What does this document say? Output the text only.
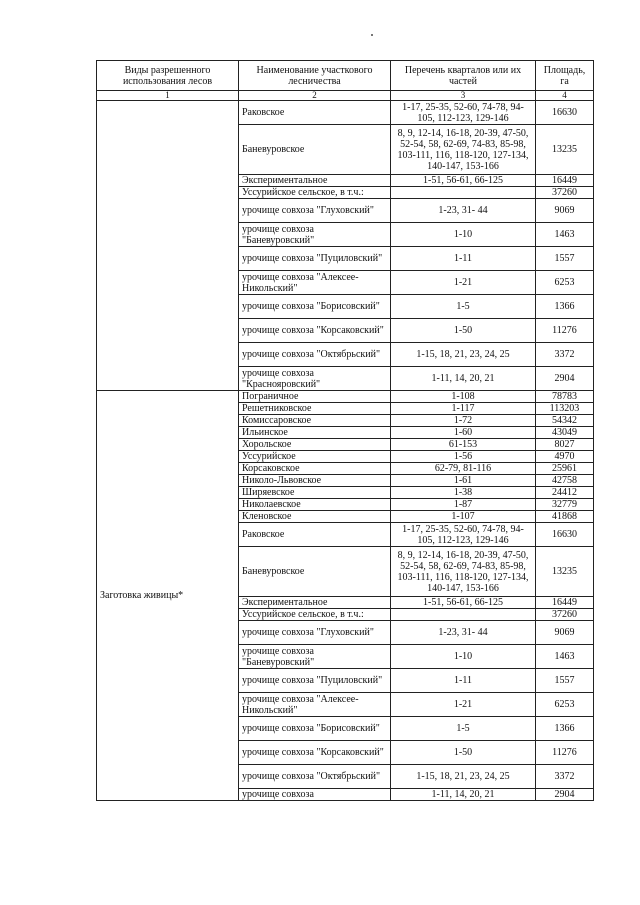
Виды разрешенного использования лесов	Наименование участкового лесничества	Перечень кварталов или их частей	Площадь, га
1	2	3	4
	Раковское	1-17, 25-35, 52-60, 74-78, 94-105, 112-123, 129-146	16630
	Баневуровское	8, 9, 12-14, 16-18, 20-39, 47-50, 52-54, 58, 62-69, 74-83, 85-98, 103-111, 116, 118-120, 127-134, 140-147, 153-166	13235
	Экспериментальное	1-51, 56-61, 66-125	16449
	Уссурийское сельское, в т.ч.:		37260
	урочище совхоза "Глуховский"	1-23, 31- 44	9069
	урочище совхоза "Баневуровский"	1-10	1463
	урочище совхоза "Пуциловский"	1-11	1557
	урочище совхоза "Алексее-Никольский"	1-21	6253
	урочище совхоза "Борисовский"	1-5	1366
	урочище совхоза "Корсаковский"	1-50	11276
	урочище совхоза "Октябрьский"	1-15, 18, 21, 23, 24, 25	3372
	урочище совхоза "Краснояровский"	1-11, 14, 20, 21	2904

Заготовка живицы*	Пограничное	1-108	78783
	Решетниковское	1-117	113203
	Комиссаровское	1-72	54342
	Ильинское	1-60	43049
	Хорольское	61-153	8027
	Уссурийское	1-56	4970
	Корсаковское	62-79, 81-116	25961
	Николо-Львовское	1-61	42758
	Ширяевское	1-38	24412
	Николаевское	1-87	32779
	Кленовское	1-107	41868
	Раковское	1-17, 25-35, 52-60, 74-78, 94-105, 112-123, 129-146	16630
	Баневуровское	8, 9, 12-14, 16-18, 20-39, 47-50, 52-54, 58, 62-69, 74-83, 85-98, 103-111, 116, 118-120, 127-134, 140-147, 153-166	13235
	Экспериментальное	1-51, 56-61, 66-125	16449
	Уссурийское сельское, в т.ч.:		37260
	урочище совхоза "Глуховский"	1-23, 31- 44	9069
	урочище совхоза "Баневуровский"	1-10	1463
	урочище совхоза "Пуциловский"	1-11	1557
	урочище совхоза "Алексее-Никольский"	1-21	6253
	урочище совхоза "Борисовский"	1-5	1366
	урочище совхоза "Корсаковский"	1-50	11276
	урочище совхоза "Октябрьский"	1-15, 18, 21, 23, 24, 25	3372
	урочище совхоза	1-11, 14, 20, 21	2904
